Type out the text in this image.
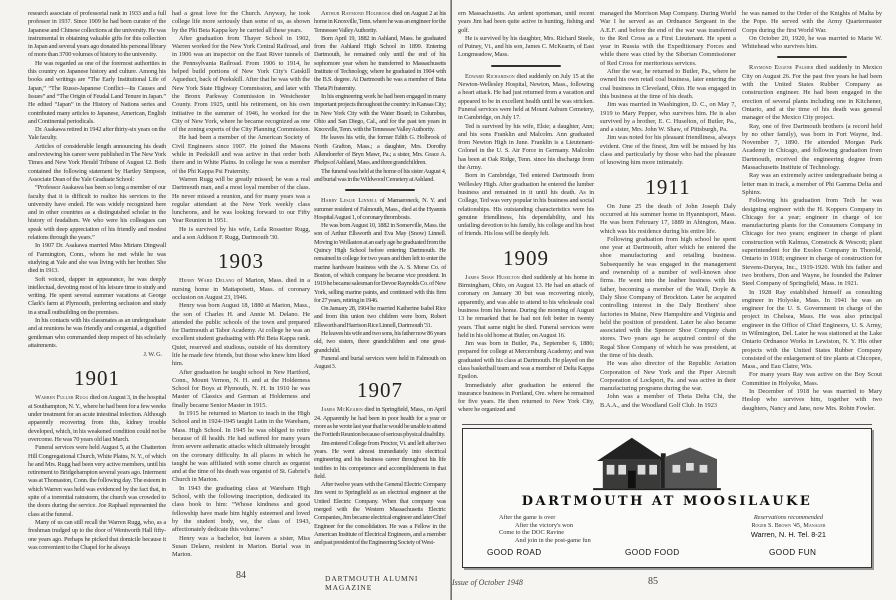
research associate of professorial rank in 1933 and a full professor in 1937. Since 1909 he had been curator of the Japanese and Chinese collections at the university. He was instrumental in obtaining valuable gifts for this collection in Japan and several years ago donated his personal library of more than 3700 volumes of history to the university.

He was regarded as one of the foremost authorities in this country on Japanese history and culture. Among his books and writings are “The Early Institutional Life of Japan,” “The Russo-Japanese Conflict—Its Causes and Issues” and “The Origin of Feudal Land Tenure in Japan.” He edited “Japan” in the History of Nations series and contributed many articles to Japanese, American, English and Continental periodicals.

Dr. Asakawa retired in 1942 after thirty-six years on the Yale faculty.

Articles of considerable length announcing his death and reviewing his career were published in The New York Times and New York Herald Tribune of August 12. Both contained the following statement by Hartley Simpson, Associate Dean of the Yale Graduate School:

“Professor Asakawa has been so long a member of our faculty that it is difficult to realize his services to the university have ended. He was widely recognized here and in other countries as a distinguished scholar in the history of feudalism. We who were his colleagues can speak with deep appreciation of his friendly and modest relations through the years.”

In 1907 Dr. Asakawa married Miss Miriam Dingwall of Farmington, Conn., whom he met while he was studying at Yale and she was living with her brother. She died in 1913.

Soft voiced, dapper in appearance, he was deeply intellectual, devoting most of his leisure time to study and writing. He spent several summer vacations at George Clark's farm at Plymouth, preferring seclusion and study in a small outbuilding on the premises.

In his contacts with his classmates as an undergraduate and at reunions he was friendly and congenial, a dignified gentleman who commanded deep respect of his scholarly attainments.

J. W. G.
1901

Warren Fuller Rugg died on August 3, in the hospital at Southampton, N. Y., where he had been for a few weeks under treatment for an acute intestinal infection. Although apparently recovering from this, kidney trouble developed, which, in his weakened condition could not be overcome. He was 70 years old last March.

Funeral services were held August 5, at the Chatterton Hill Congregational Church, White Plains, N. Y., of which he and Mrs. Rugg had been very active members, until his retirement to Bridgehampton several years ago. Interment was at Thomaston, Conn. the following day. The esteem in which Warren was held was evidenced by the fact that, in spite of a torrential rainstorm, the church was crowded to the doors during the service. Joe Raphael represented the class at the funeral.

Many of us can still recall the Warren Rugg, who, as a freshman trudged up to the door of Wentworth Hall fifty-one years ago. Perhaps he picked that domicile because it was convenient to the Chapel for he always

had a great love for the Church. Anyway, he took college life more seriously than some of us, as shown by the Phi Beta Kappa key he carried all these years.

After graduation from Thayer School in 1902, Warren worked for the New York Central Railroad, and in 1906 was an inspector on the East River tunnels of the Pennsylvania Railroad. From 1906 to 1914, he helped build portions of New York City's Catskill Aqueduct, back of Peekskill. After that he was with the New York State Highway Commission, and later with the Bronx Parkway Commission in Westchester County. From 1925, until his retirement, on his own initiative in the summer of 1946, he worked for the City of New York, where he became recognized as one of the zoning experts of the City Planning Commission.

He had been a member of the American Society of Civil Engineers since 1907. He joined the Masons while in Peekskill and was active in that order both there and in White Plains. In college he was a member of the Phi Kappa Psi Fraternity.

Warren Rugg will be greatly missed; he was a real Dartmouth man, and a most loyal member of the class. He never missed a reunion, and for many years was a regular attendant at the New York weekly class luncheons, and he was looking forward to our Fifty Year Reunion in 1951.

He is survived by his wife, Leila Rossetter Rugg, and a son Addison F. Rugg, Dartmouth '30.

1903

Henry Ward Delano of Marion, Mass. died in a nursing home in Mattapoisett, Mass. of coronary occlusion on August 23, 1946.

Henry was born August 18, 1880 at Marion, Mass., the son of Charles H. and Annie M. Delano. He attended the public schools of the town and prepared for Dartmouth at Tabor Academy. At college he was an excellent student graduating with Phi Beta Kappa rank. Quiet, reserved and studious, outside of his dormitory life he made few friends, but those who knew him liked him.

After graduation he taught school in New Hartford, Conn., Mount Vernon, N. H. and at the Holderness School for Boys at Plymouth, N. H. In 1910 he was Master of Classics and German at Holderness and finally became Senior Master in 1915.

In 1915 he returned to Marion to teach in the High School and in 1924-1945 taught Latin in the Wareham, Mass. High School. In 1945 he was obliged to retire because of ill health. He had suffered for many years from severe asthmatic attacks which ultimately brought on the coronary difficulty. In all places in which he taught he was affiliated with some church as organist and at the time of his death was organist of St. Gabriel's Church in Marion.

In 1943 the graduating class at Wareham High School, with the following inscription, dedicated its class book to him: “Whose kindness and good fellowship have made him highly esteemed and loved by the student body, we, the class of 1943, affectionately dedicate this volume.”

Henry was a bachelor, but leaves a sister, Miss Susan Delano, resident in Marion. Burial was in Marion.

Arthur Raymond Holbrook died on August 2 at his home in Knoxville, Tenn. where he was an engineer for the Tennessee Valley Authority.

Born April 19, 1882 in Ashland, Mass. he graduated from the Ashland High School in 1899. Entering Dartmouth, he remained only until the end of his sophomore year when he transferred to Massachusetts Institute of Technology, where he graduated in 1904 with the B.S. degree. At Dartmouth he was a member of Beta Theta Pi fraternity.

In his engineering work he had been engaged in many important projects throughout the country: in Kansas City; in New York City with the Water Board; in Columbus, Ohio and San Diego, Cal., and for the past ten years in Knoxville, Tenn. with the Tennessee Valley Authority.

He leaves his wife, the former Edith G. Holbrook of North Grafton, Mass.; a daughter, Mrs. Dorothy Allendoerfer of Bryn Mawr, Pa.; a sister, Mrs. Grace A. Phelps of Ashland, Mass. and three grandchildren.

The funeral was held at the home of his sister August 4, and burial was in the Wildwood Cemetery at Ashland.

Harry Leslie Linnell of Mamaroneck, N. Y. and summer resident of Falmouth, Mass., died at the Hyannis Hospital August 1, of coronary thrombosis.

He was born August 10, 1882 in Somerville, Mass. the son of Arthur Ellsworth and Eva May (Snow) Linnell. Moving to Wollaston at an early age he graduated from the Quincy High School before entering Dartmouth. He remained in college for two years and then left to enter the marine hardware business with the A. S. Morse Co. of Boston, of which company he became vice president. In 1919 he became salesman for Devoe Raynolds Co. of New York, selling marine paints, and continued with this firm for 27 years, retiring in 1946.

On January 28, 1904 he married Katherine Isabel Rice and from this union two children were born, Robert Ellsworth and Harrison Rice Linnell, Dartmouth '31.

He leaves his wife and two sons, his father now 86 years old, two sisters, three grandchildren and one great-grandchild.

Funeral and burial services were held in Falmouth on August 3.

1907

James McKearin died in Springfield, Mass., on April 24. Apparently he had been in poor health for a year or more as he wrote last year that he would be unable to attend the Fortieth Reunion because of serious physical disability.

Jim entered College from Proctor, Vt. and left after two years. He went almost immediately into electrical engineering and his business career throughout his life testifies to his competence and accomplishments in that field.

After twelve years with the General Electric Company Jim went to Springfield as an electrical engineer at the United Electric Company. When that company was merged with the Western Massachusetts Electric Companies, Jim became electrical engineer and later Chief Engineer for the consolidation. He was a Fellow in the American Institute of Electrical Engineers, and a member and past president of the Engineering Society of West-

84	DARTMOUTH ALUMNI MAGAZINE

ern Massachusetts. An ardent sportsman, until recent years Jim had been quite active in hunting, fishing and golf.

He is survived by his daughter, Mrs. Richard Steele, of Putney, Vt., and his son, James C. McKearin, of East Longmeadow, Mass.

Edward Richardson died suddenly on July 15 at the Newton-Wellesley Hospital, Newton, Mass., following a heart attack. He had just returned from a vacation and appeared to be in excellent health until he was stricken. Funeral services were held at Mount Auburn Cemetery, in Cambridge, on July 17.

Ted is survived by his wife, Elsie; a daughter, Ann; and his sons Franklin and Malcolm. Ann graduated from Newton High in June. Franklin is a Lieutenant-Colonel in the U. S. Air Force in Germany. Malcolm has been at Oak Ridge, Tenn. since his discharge from the Army.

Born in Cambridge, Ted entered Dartmouth from Wellesley High. After graduation he entered the lumber business and remained in it until his death. As in College, Ted was very popular in his business and social relationships. His outstanding characteristics were his genuine friendliness, his dependability, and his unfailing devotion to his family, his college and his host of friends. His loss will be deeply felt.

1909

James Shaw Huselton died suddenly at his home in Birmingham, Ohio, on August 13. He had an attack of coronary on January 30 but was recovering nicely, apparently, and was able to attend to his wholesale coal business from his home. During the morning of August 13 he remarked that he had not felt better in twenty years. That same night he died. Funeral services were held in his old home at Butler, on August 16.

Jim was born in Butler, Pa., September 6, 1886; prepared for college at Mercersburg Academy; and was graduated with his class at Dartmouth. He played on the class basketball team and was a member of Delta Kappa Epsilon.

Immediately after graduation he entered the insurance business in Portland, Ore. where he remained for five years. He then returned to New York City, where he organized and

managed the Morrison Map Company. During World War I he served as an Ordnance Sergeant in the A.E.F. and before the end of the war was transferred to the Red Cross as a First Lieutenant. He spent a year in Russia with the Expeditionary Forces and while there was cited by the Siberian Commissioner of Red Cross for meritorious services.

After the war, he returned to Butler, Pa., where he owned his own retail coal business, later entering the coal business in Cleveland, Ohio. He was engaged in this business at the time of his death.

Jim was married in Washington, D. C., on May 7, 1919 to Mary Pepper, who survives him. He is also survived by a brother, E. C. Huselton, of Butler, Pa., and a sister, Mrs. John W. Shaw, of Pittsburgh, Pa.

Jim was noted for his pleasant friendliness, always evident. One of the finest, Jim will be missed by his class and particularly by those who had the pleasure of knowing him more intimately.

1911

On June 25 the death of John Joseph Daly occurred at his summer home in Hyannisport, Mass. He was born February 17, 1889 in Abington, Mass. which was his residence during his entire life.

Following graduation from high school he spent one year at Dartmouth, after which he entered the shoe manufacturing and retailing business. Subsequently he was engaged in the management and ownership of a number of well-known shoe firms. He went into the leather business with his father, becoming a member of the Wall, Doyle & Daly Shoe Company of Brockton. Later he acquired controlling interest in the Daly Brothers' shoe factories in Maine, New Hampshire and Virginia and held the position of president. Later he also became associated with the Spencer Shoe Company chain stores. Two years ago he acquired control of the Regal Shoe Company of which he was president, at the time of his death.

He was also director of the Republic Aviation Corporation of New York and the Piper Aircraft Corporation of Lockport, Pa. and was active in their manufacturing programs during the war.

John was a member of Theta Delta Chi, the B.A.A., and the Woodland Golf Club. In 1923

he was named to the Order of the Knights of Malta by the Pope. He served with the Army Quartermaster Corps during the first World War.

On October 20, 1920, he was married to Marie W. Whitehead who survives him.

Raymond Eugene Palmer died suddenly in Mexico City on August 26. For the past five years he had been with the United States Rubber Company as construction engineer. He had been engaged in the erection of several plants including one in Kitchener, Ontario, and at the time of his death was general manager of the Mexico City project.

Ray, one of five Dartmouth brothers (a record held by no other family), was born in Fort Wayne, Ind. November 7, 1890. He attended Morgan Park Academy in Chicago, and following graduation from Dartmouth, received the engineering degree from Massachusetts Institute of Technology.

Ray was an extremely active undergraduate being a letter man in track, a member of Phi Gamma Delta and Sphinx.

Following his graduation from Tech he was designing engineer with the H. Koppers Company in Chicago for a year; engineer in charge of ice manufacturing plants for the Consumers Company in Chicago for two years; engineer in charge of plant construction with Kalmus, Comstock & Wescott; plant superintendent for the Exolon Company in Thorold, Ontario in 1918; engineer in charge of construction for Stevens-Duryea, Inc., 1919-1920. With his father and two brothers, Don and Wayne, he founded the Palmer Steel Company of Springfield, Mass. in 1921.

In 1928 Ray established himself as consulting engineer in Holyoke, Mass. In 1941 he was an engineer for the U. S. Government in charge of the project in Chelsea, Mass. He was also principal engineer in the Office of Chief Engineers, U. S. Army, in Wilmington, Del. Later he was stationed at the Lake Ontario Ordnance Works in Lewiston, N. Y. His other projects with the United States Rubber Company consisted of the enlargement of tire plants at Chicopee, Mass., and Eau Claire, Wis.

For many years Ray was active on the Boy Scout Committee in Holyoke, Mass.

In December of 1918 he was married to Mary Heslop who survives him, together with two daughters, Nancy and Jane, now Mrs. Robin Fowler.

Issue of October 1948	85
DARTMOUTH AT MOOSILAUKE
After the game is over
After the victory's won
Come to the DOC Ravine
And join in the post-game fun
Reservations recommended
Roger S. Brown '45, Manager
Warren, N. H. Tel. 8-21
GOOD ROAD	GOOD FOOD	GOOD FUN
